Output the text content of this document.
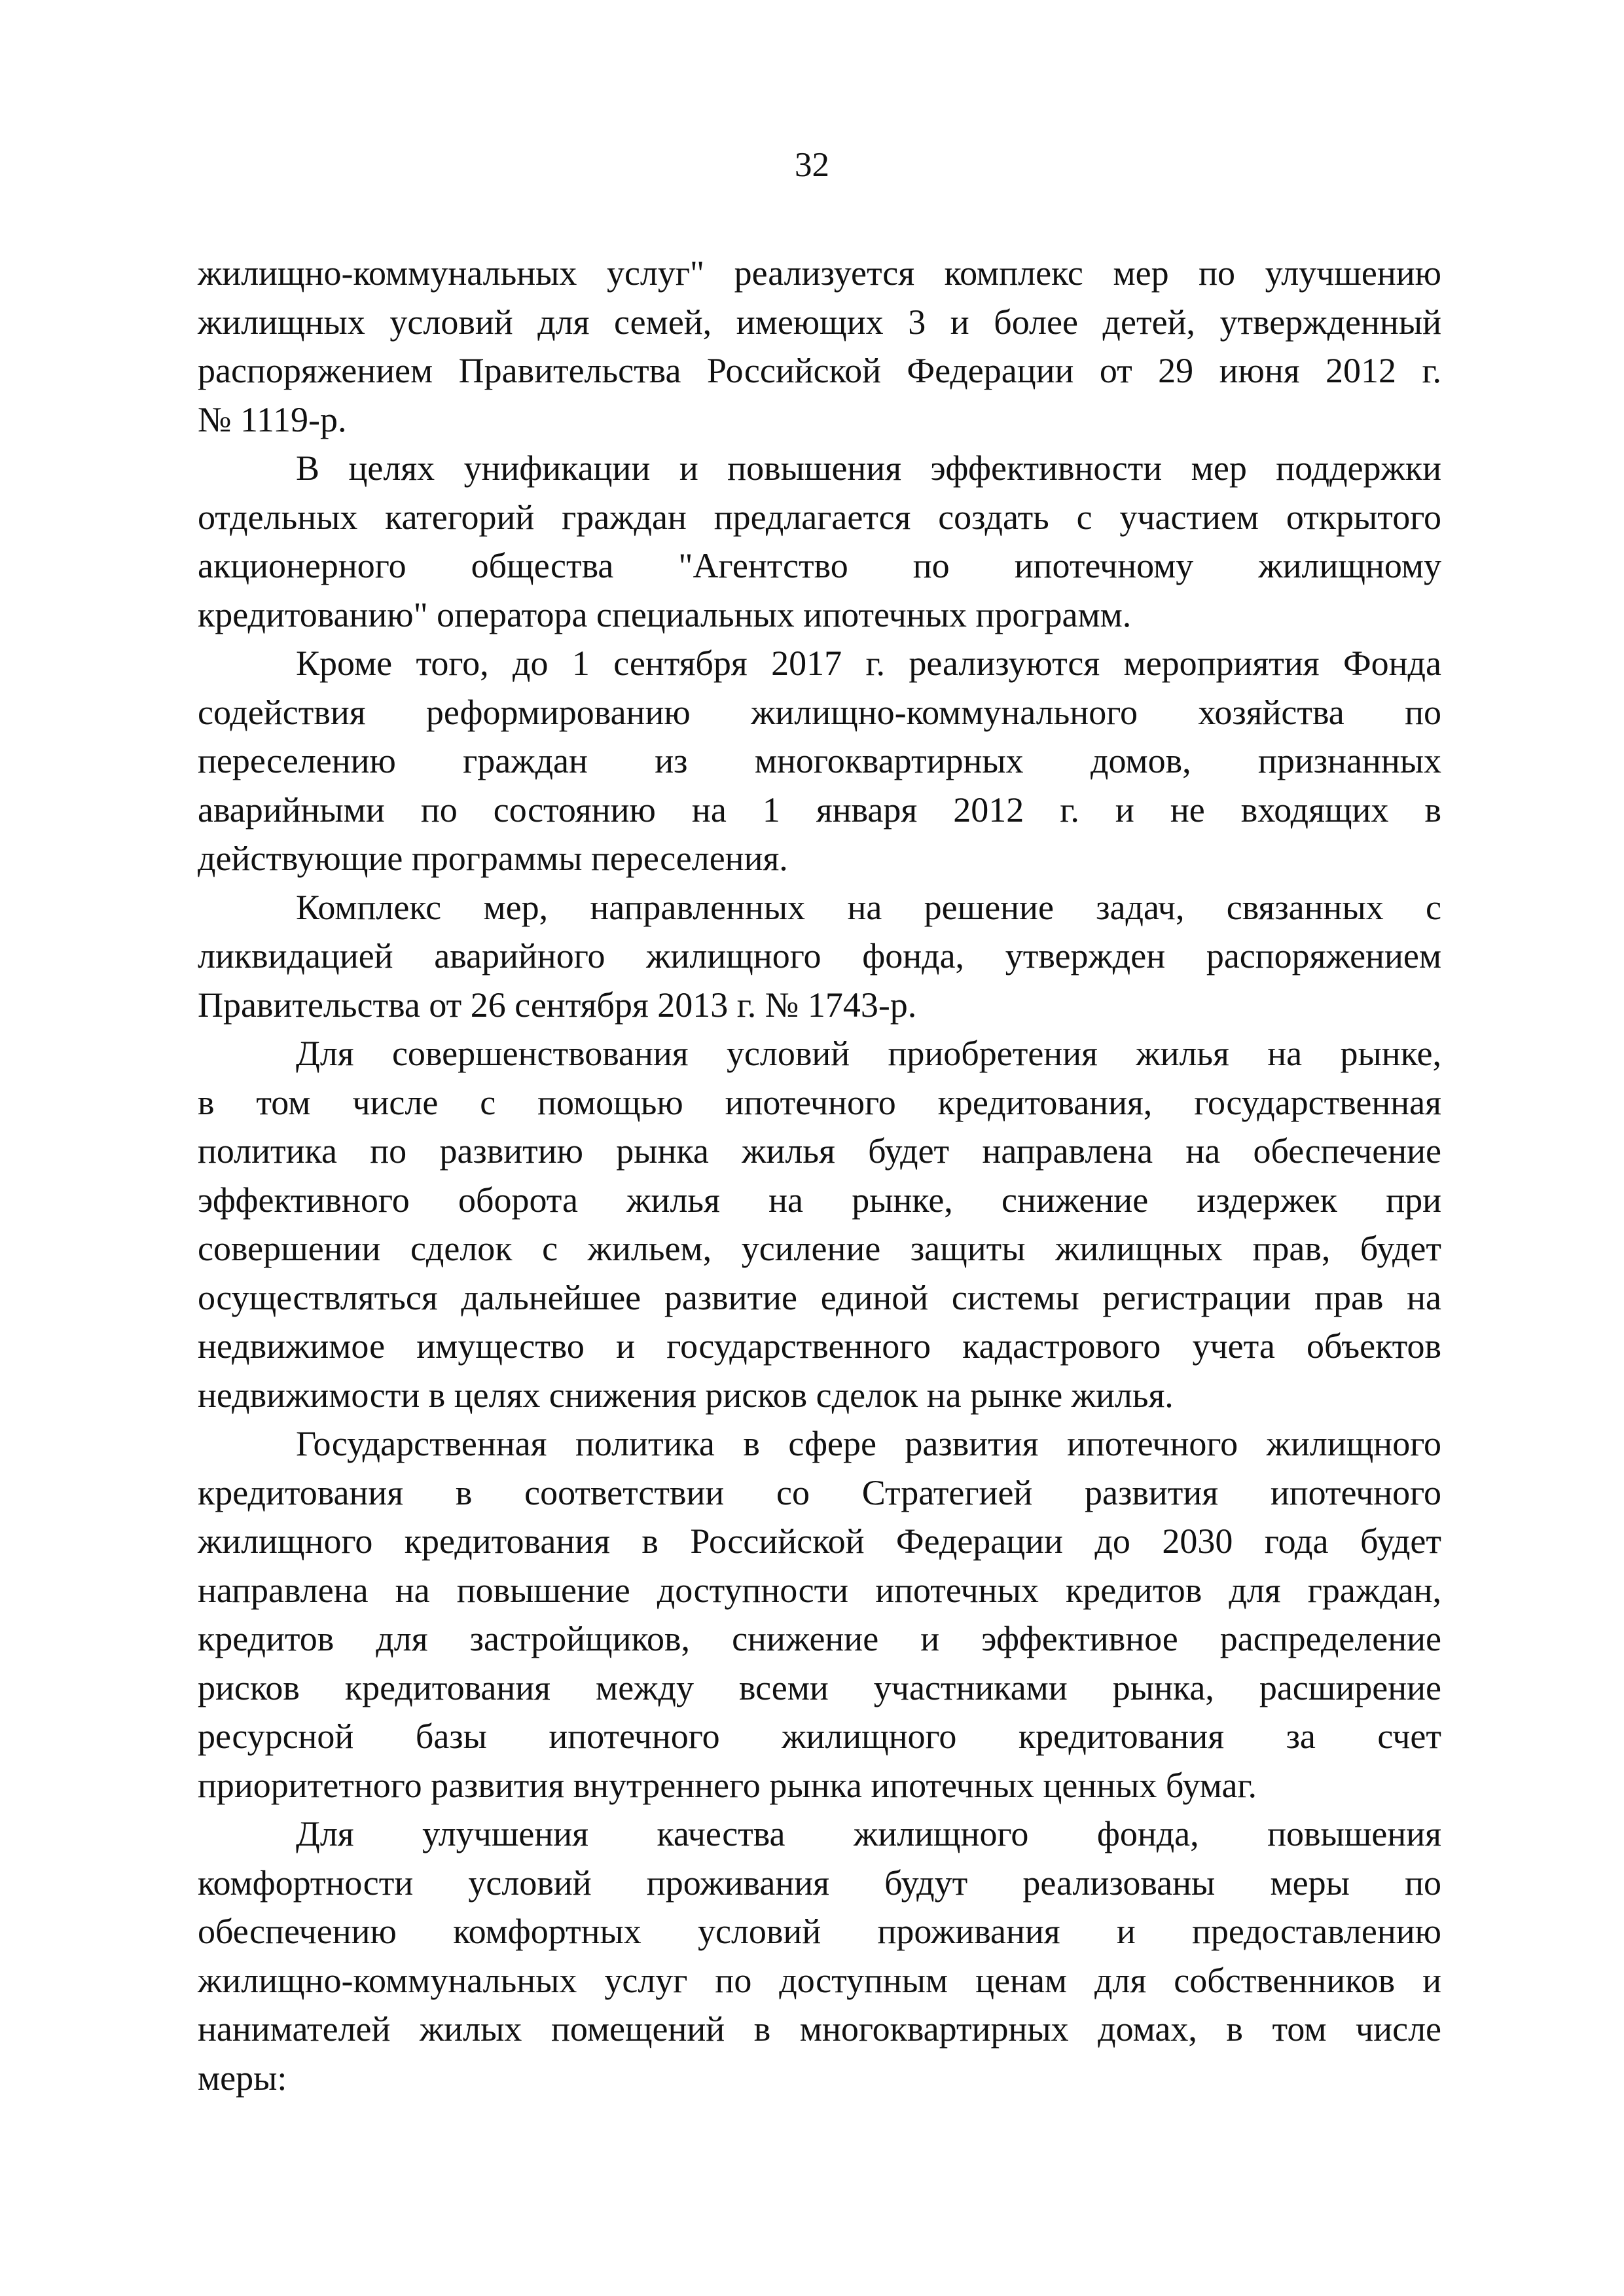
32
жилищно-коммунальных услуг" реализуется комплекс мер по улучшению
жилищных условий для семей, имеющих 3 и более детей, утвержденный
распоряжением Правительства Российской Федерации от 29 июня 2012 г.
№ 1119-р.
В целях унификации и повышения эффективности мер поддержки
отдельных категорий граждан предлагается создать с участием открытого
акционерного общества "Агентство по ипотечному жилищному
кредитованию" оператора специальных ипотечных программ.
Кроме того, до 1 сентября 2017 г. реализуются мероприятия Фонда
содействия реформированию жилищно-коммунального хозяйства по
переселению граждан из многоквартирных домов, признанных
аварийными по состоянию на 1 января 2012 г. и не входящих в
действующие программы переселения.
Комплекс мер, направленных на решение задач, связанных с
ликвидацией аварийного жилищного фонда, утвержден распоряжением
Правительства от 26 сентября 2013 г. № 1743-р.
Для совершенствования условий приобретения жилья на рынке,
в том числе с помощью ипотечного кредитования, государственная
политика по развитию рынка жилья будет направлена на обеспечение
эффективного оборота жилья на рынке, снижение издержек при
совершении сделок с жильем, усиление защиты жилищных прав, будет
осуществляться дальнейшее развитие единой системы регистрации прав на
недвижимое имущество и государственного кадастрового учета объектов
недвижимости в целях снижения рисков сделок на рынке жилья.
Государственная политика в сфере развития ипотечного жилищного
кредитования в соответствии со Стратегией развития ипотечного
жилищного кредитования в Российской Федерации до 2030 года будет
направлена на повышение доступности ипотечных кредитов для граждан,
кредитов для застройщиков, снижение и эффективное распределение
рисков кредитования между всеми участниками рынка, расширение
ресурсной базы ипотечного жилищного кредитования за счет
приоритетного развития внутреннего рынка ипотечных ценных бумаг.
Для улучшения качества жилищного фонда, повышения
комфортности условий проживания будут реализованы меры по
обеспечению комфортных условий проживания и предоставлению
жилищно-коммунальных услуг по доступным ценам для собственников и
нанимателей жилых помещений в многоквартирных домах, в том числе
меры:
